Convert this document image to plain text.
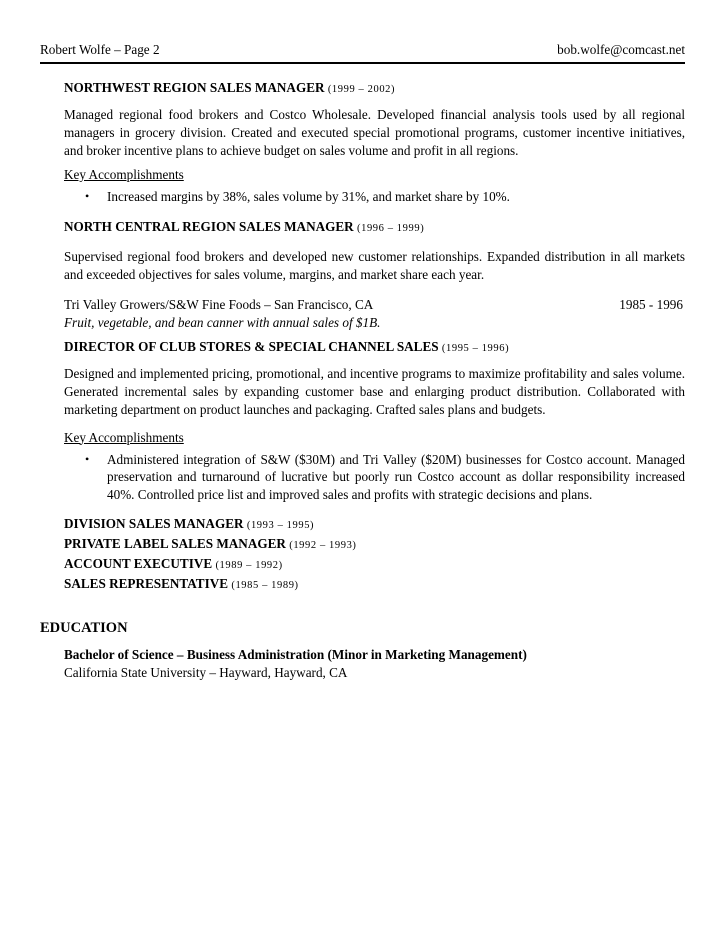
Robert Wolfe – Page 2	bob.wolfe@comcast.net
NORTHWEST REGION SALES MANAGER (1999 – 2002)
Managed regional food brokers and Costco Wholesale. Developed financial analysis tools used by all regional managers in grocery division. Created and executed special promotional programs, customer incentive initiatives, and broker incentive plans to achieve budget on sales volume and profit in all regions.
Key Accomplishments
• Increased margins by 38%, sales volume by 31%, and market share by 10%.
NORTH CENTRAL REGION SALES MANAGER (1996 – 1999)
Supervised regional food brokers and developed new customer relationships. Expanded distribution in all markets and exceeded objectives for sales volume, margins, and market share each year.
Tri Valley Growers/S&W Fine Foods – San Francisco, CA	1985 - 1996
Fruit, vegetable, and bean canner with annual sales of $1B.
DIRECTOR OF CLUB STORES & SPECIAL CHANNEL SALES (1995 – 1996)
Designed and implemented pricing, promotional, and incentive programs to maximize profitability and sales volume. Generated incremental sales by expanding customer base and enlarging product distribution. Collaborated with marketing department on product launches and packaging. Crafted sales plans and budgets.
Key Accomplishments
• Administered integration of S&W ($30M) and Tri Valley ($20M) businesses for Costco account. Managed preservation and turnaround of lucrative but poorly run Costco account as dollar responsibility increased 40%. Controlled price list and improved sales and profits with strategic decisions and plans.
DIVISION SALES MANAGER (1993 – 1995)
PRIVATE LABEL SALES MANAGER (1992 – 1993)
ACCOUNT EXECUTIVE (1989 – 1992)
SALES REPRESENTATIVE (1985 – 1989)
EDUCATION
Bachelor of Science – Business Administration (Minor in Marketing Management)
California State University – Hayward, Hayward, CA
